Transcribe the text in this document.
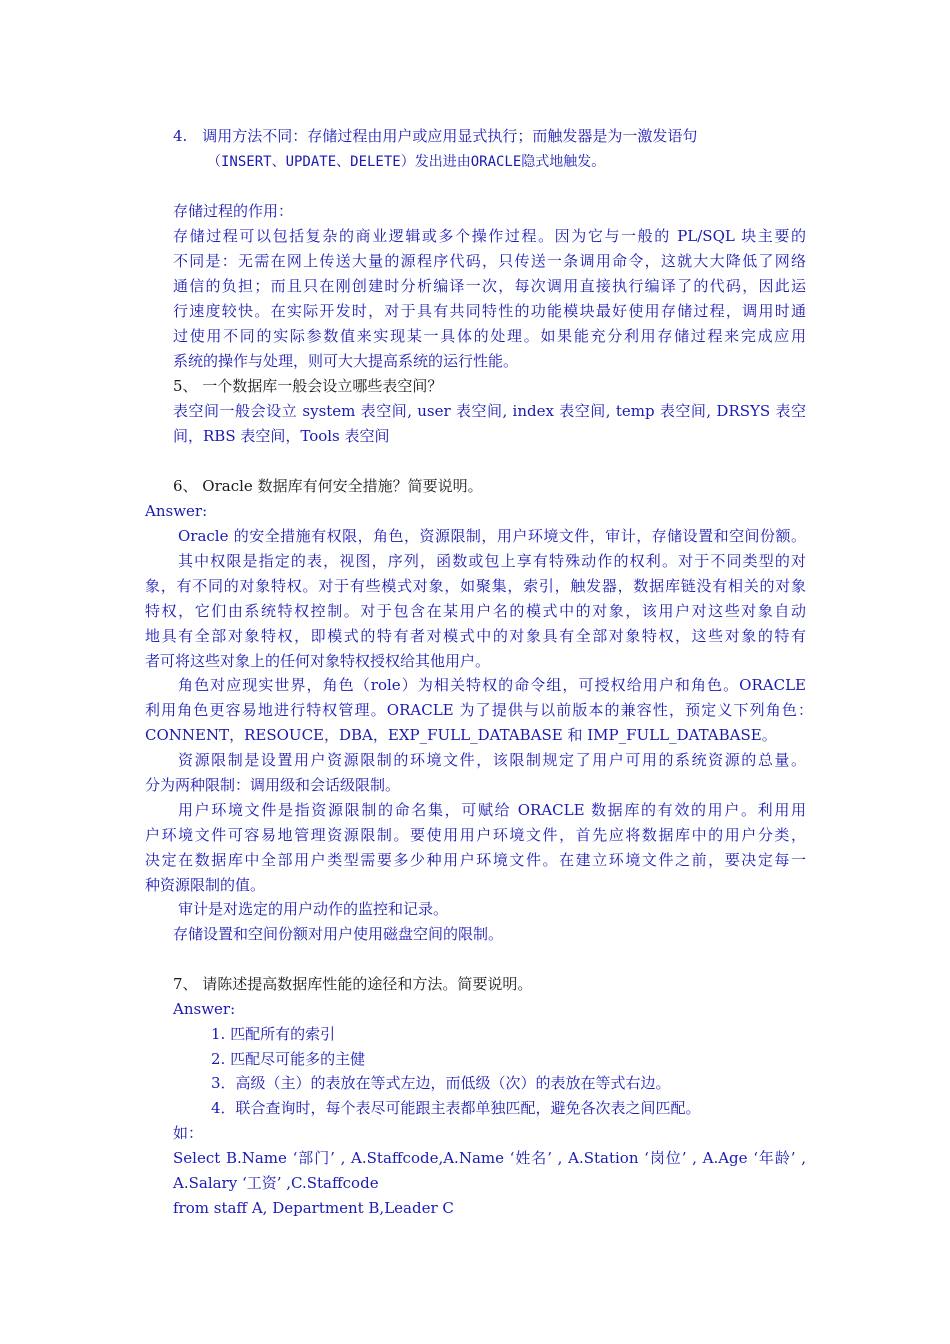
4.　调用方法不同：存储过程由用户或应用显式执行；而触发器是为一激发语句
（INSERT、UPDATE、DELETE）发出进由ORACLE隐式地触发。
存储过程的作用：
存储过程可以包括复杂的商业逻辑或多个操作过程。因为它与一般的 PL/SQL 块主要的
不同是：无需在网上传送大量的源程序代码，只传送一条调用命令，这就大大降低了网络
通信的负担；而且只在刚创建时分析编译一次，每次调用直接执行编译了的代码，因此运
行速度较快。在实际开发时，对于具有共同特性的功能模块最好使用存储过程，调用时通
过使用不同的实际参数值来实现某一具体的处理。如果能充分利用存储过程来完成应用
系统的操作与处理，则可大大提高系统的运行性能。
5、 一个数据库一般会设立哪些表空间？
表空间一般会设立 system 表空间, user 表空间, index 表空间, temp 表空间, DRSYS 表空
间，RBS 表空间，Tools 表空间
6、 Oracle 数据库有何安全措施？简要说明。
Answer:
Oracle 的安全措施有权限，角色，资源限制，用户环境文件，审计，存储设置和空间份额。
其中权限是指定的表，视图，序列，函数或包上享有特殊动作的权利。对于不同类型的对
象，有不同的对象特权。对于有些模式对象，如聚集，索引，触发器，数据库链没有相关的对象
特权，它们由系统特权控制。对于包含在某用户名的模式中的对象，该用户对这些对象自动
地具有全部对象特权，即模式的特有者对模式中的对象具有全部对象特权，这些对象的特有
者可将这些对象上的任何对象特权授权给其他用户。
角色对应现实世界，角色（role）为相关特权的命令组，可授权给用户和角色。ORACLE
利用角色更容易地进行特权管理。ORACLE 为了提供与以前版本的兼容性，预定义下列角色：
CONNENT，RESOUCE，DBA，EXP_FULL_DATABASE 和 IMP_FULL_DATABASE。
资源限制是设置用户资源限制的环境文件，该限制规定了用户可用的系统资源的总量。
分为两种限制：调用级和会话级限制。
用户环境文件是指资源限制的命名集，可赋给 ORACLE 数据库的有效的用户。利用用
户环境文件可容易地管理资源限制。要使用用户环境文件，首先应将数据库中的用户分类，
决定在数据库中全部用户类型需要多少种用户环境文件。在建立环境文件之前，要决定每一
种资源限制的值。
审计是对选定的用户动作的监控和记录。
存储设置和空间份额对用户使用磁盘空间的限制。
7、 请陈述提高数据库性能的途径和方法。简要说明。
Answer:
1. 匹配所有的索引
2. 匹配尽可能多的主健
3．高级（主）的表放在等式左边，而低级（次）的表放在等式右边。
4．联合查询时，每个表尽可能跟主表都单独匹配，避免各次表之间匹配。
如：
Select B.Name ‘部门’ , A.Staffcode,A.Name ‘姓名’ , A.Station ‘岗位’ , A.Age ‘年龄’ ,
A.Salary ‘工资’ ,C.Staffcode
from staff A, Department B,Leader C
